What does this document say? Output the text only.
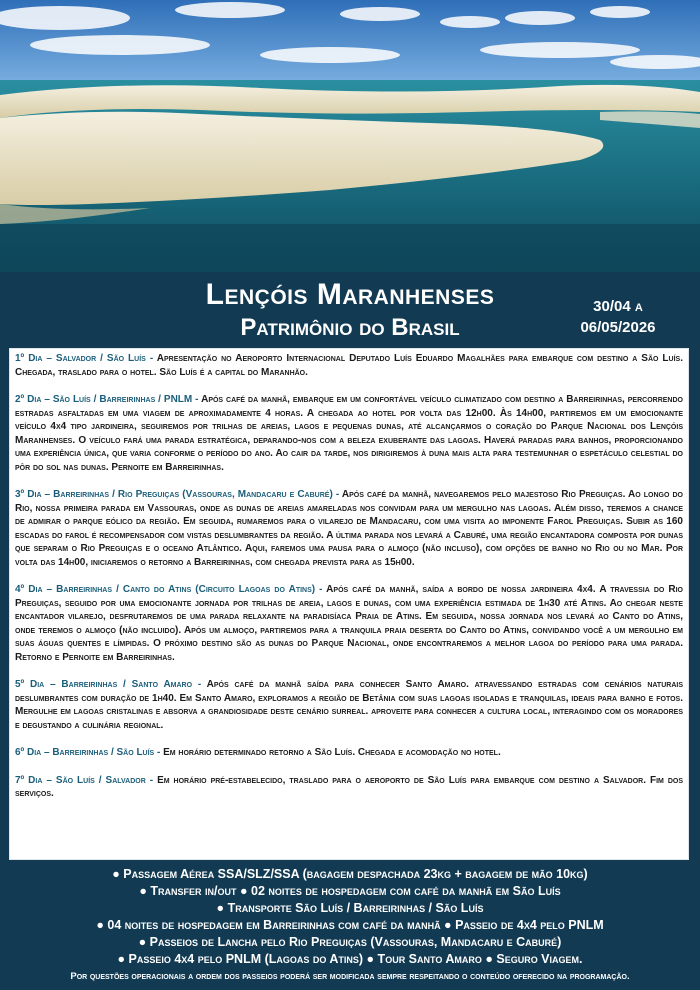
Lençóis Maranhenses
Patrimônio do Brasil
30/04 a
06/05/2026
1º Dia – Salvador / São Luís - Apresentação no Aeroporto Internacional Deputado Luís Eduardo Magalhães para embarque com destino a São Luís. Chegada, traslado para o hotel. São Luís é a capital do Maranhão.
2º Dia – São Luís / Barreirinhas / PNLM - Após café da manhã, embarque em um confortável veículo climatizado com destino a Barreirinhas, percorrendo estradas asfaltadas em uma viagem de aproximadamente 4 horas. A chegada ao hotel por volta das 12h00. Às 14h00, partiremos em um emocionante veículo 4x4 tipo jardineira, seguiremos por trilhas de areias, lagos e pequenas dunas, até alcançarmos o coração do Parque Nacional dos Lençóis Maranhenses. O veículo fará uma parada estratégica, deparando-nos com a beleza exuberante das lagoas. Haverá paradas para banhos, proporcionando uma experiência única, que varia conforme o período do ano. Ao cair da tarde, nos dirigiremos à duna mais alta para testemunhar o espetáculo celestial do pôr do sol nas dunas. Pernoite em Barreirinhas.
3º Dia – Barreirinhas / Rio Preguiças (Vassouras, Mandacaru e Caburé) - Após café da manhã, navegaremos pelo majestoso Rio Preguiças. Ao longo do Rio, nossa primeira parada em Vassouras, onde as dunas de areias amareladas nos convidam para um mergulho nas lagoas. Além disso, teremos a chance de admirar o parque eólico da região. Em seguida, rumaremos para o vilarejo de Mandacaru, com uma visita ao imponente Farol Preguiças. Subir as 160 escadas do farol é recompensador com vistas deslumbrantes da região. A última parada nos levará a Caburé, uma região encantadora composta por dunas que separam o Rio Preguiças e o oceano Atlântico. Aqui, faremos uma pausa para o almoço (não incluso), com opções de banho no Rio ou no Mar. Por volta das 14h00, iniciaremos o retorno a Barreirinhas, com chegada prevista para as 15h00.
4º Dia – Barreirinhas / Canto do Atins (Circuito Lagoas do Atins) - Após café da manhã, saída a bordo de nossa jardineira 4x4. A travessia do Rio Preguiças, seguido por uma emocionante jornada por trilhas de areia, lagos e dunas, com uma experiência estimada de 1h30 até Atins. Ao chegar neste encantador vilarejo, desfrutaremos de uma parada relaxante na paradisíaca Praia de Atins. Em seguida, nossa jornada nos levará ao Canto do Atins, onde teremos o almoço (não incluido). Após um almoço, partiremos para a tranquila praia deserta do Canto do Atins, convidando você a um mergulho em suas águas quentes e límpidas. O próximo destino são as dunas do Parque Nacional, onde encontraremos a melhor lagoa do período para uma parada. Retorno e Pernoite em Barreirinhas.
5º Dia – Barreirinhas / Santo Amaro - Após café da manhã saída para conhecer Santo Amaro. atravessando estradas com cenários naturais deslumbrantes com duração de 1h40. Em Santo Amaro, exploramos a região de Betânia com suas lagoas isoladas e tranquilas, ideais para banho e fotos. Mergulhe em lagoas cristalinas e absorva a grandiosidade deste cenário surreal. aproveite para conhecer a cultura local, interagindo com os moradores e degustando a culinária regional.
6º Dia – Barreirinhas / São Luís - Em horário determinado retorno a São Luís. Chegada e acomodação no hotel.
7º Dia – São Luís / Salvador - Em horário pré-estabelecido, traslado para o aeroporto de São Luís para embarque com destino a Salvador. Fim dos serviços.
● Passagem Aérea SSA/SLZ/SSA (bagagem despachada 23kg + bagagem de mão 10kg)
● Transfer in/out ● 02 noites de hospedagem com café da manhã em São Luís
● Transporte São Luís / Barreirinhas / São Luís
● 04 noites de hospedagem em Barreirinhas com café da manhã ● Passeio de 4x4 pelo PNLM
● Passeios de Lancha pelo Rio Preguiças (Vassouras, Mandacaru e Caburé)
● Passeio 4x4 pelo PNLM (Lagoas do Atins) ● Tour Santo Amaro ● Seguro Viagem.
Por questões operacionais a ordem dos passeios poderá ser modificada sempre respeitando o conteúdo oferecido na programação.
